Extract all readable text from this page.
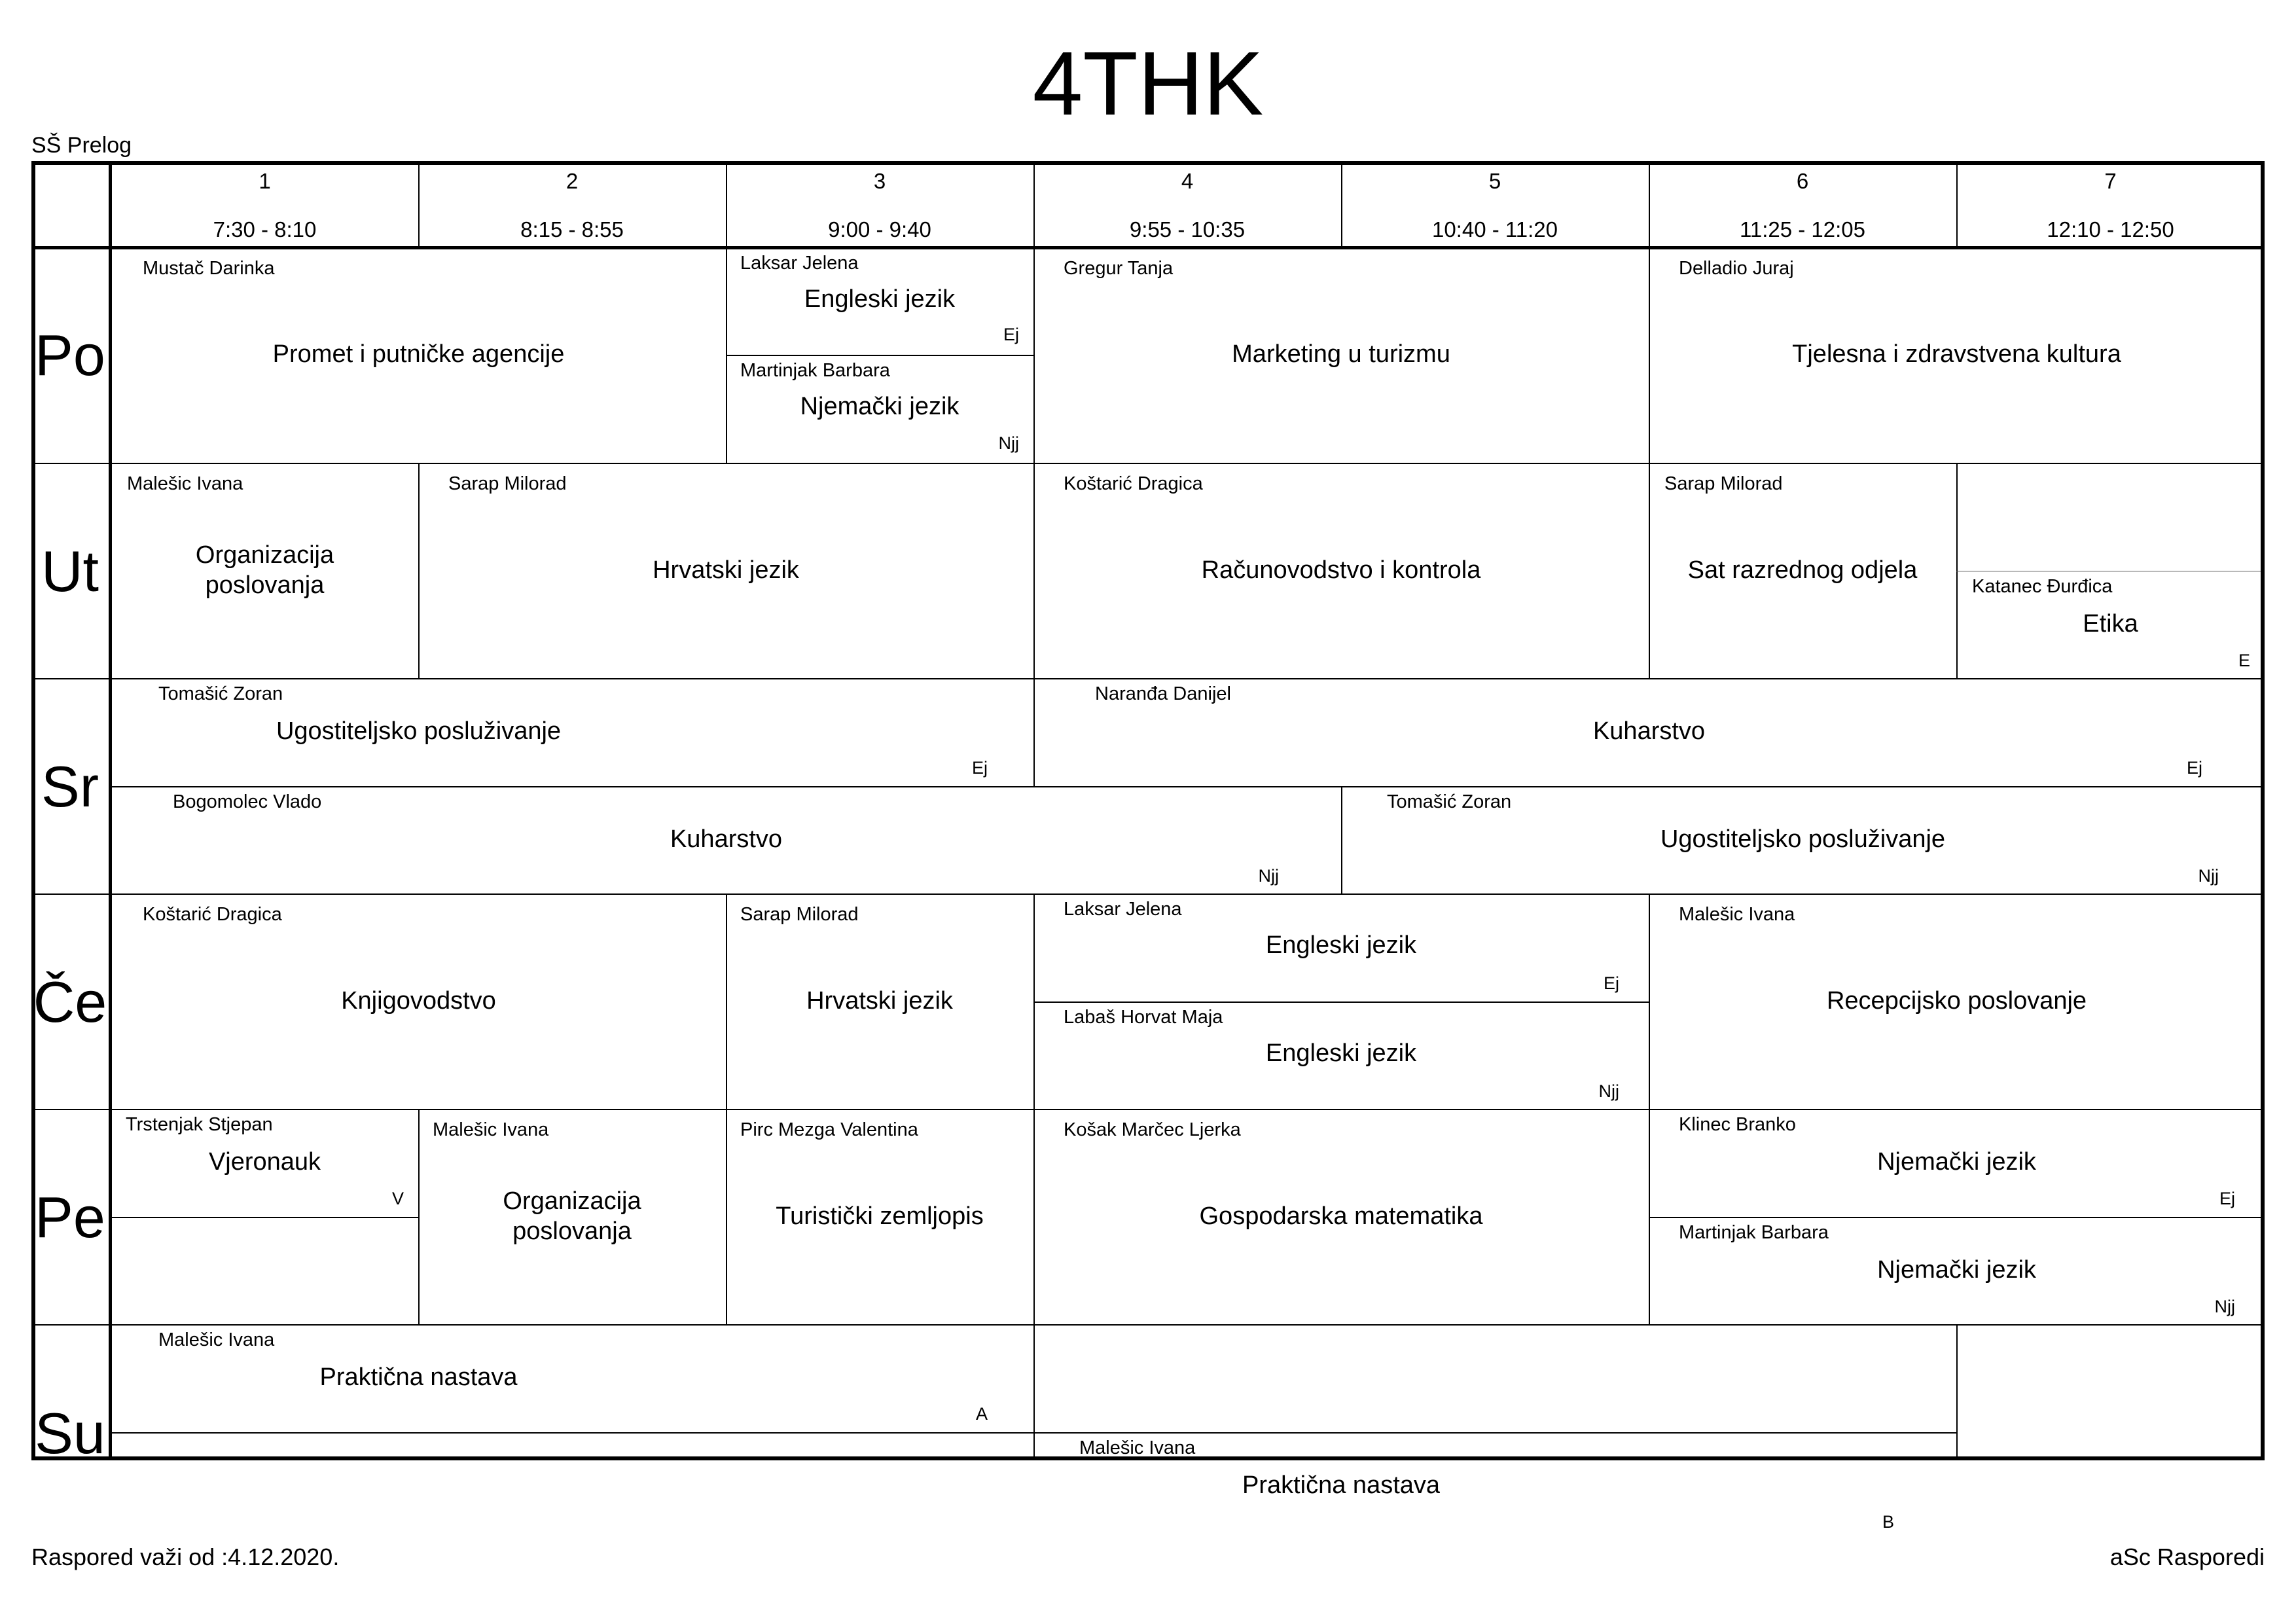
4THK
SŠ Prelog
1
7:30 - 8:10
2
8:15 - 8:55
3
9:00 - 9:40
4
9:55 - 10:35
5
10:40 - 11:20
6
11:25 - 12:05
7
12:10 - 12:50
Po
Ut
Sr
Če
Pe
Su
Mustač Darinka
Promet i putničke agencije
Laksar Jelena
Engleski jezik
Ej
Martinjak Barbara
Njemački jezik
Njj
Gregur Tanja
Marketing u turizmu
Delladio Juraj
Tjelesna i zdravstvena kultura
Malešic Ivana
Organizacija poslovanja
Sarap Milorad
Hrvatski jezik
Koštarić Dragica
Računovodstvo i kontrola
Sarap Milorad
Sat razrednog odjela
Katanec Đurđica
Etika
E
Tomašić Zoran
Ugostiteljsko posluživanje
Ej
Naranđa Danijel
Kuharstvo
Ej
Bogomolec Vlado
Kuharstvo
Njj
Tomašić Zoran
Ugostiteljsko posluživanje
Njj
Koštarić Dragica
Knjigovodstvo
Sarap Milorad
Hrvatski jezik
Laksar Jelena
Engleski jezik
Ej
Labaš Horvat Maja
Engleski jezik
Njj
Malešic Ivana
Recepcijsko poslovanje
Trstenjak Stjepan
Vjeronauk
V
Malešic Ivana
Organizacija poslovanja
Pirc Mezga Valentina
Turistički zemljopis
Košak Marčec Ljerka
Gospodarska matematika
Klinec Branko
Njemački jezik
Ej
Martinjak Barbara
Njemački jezik
Njj
Malešic Ivana
Praktična nastava
A
Malešic Ivana
Praktična nastava
B
Raspored važi od :4.12.2020.	aSc Rasporedi
